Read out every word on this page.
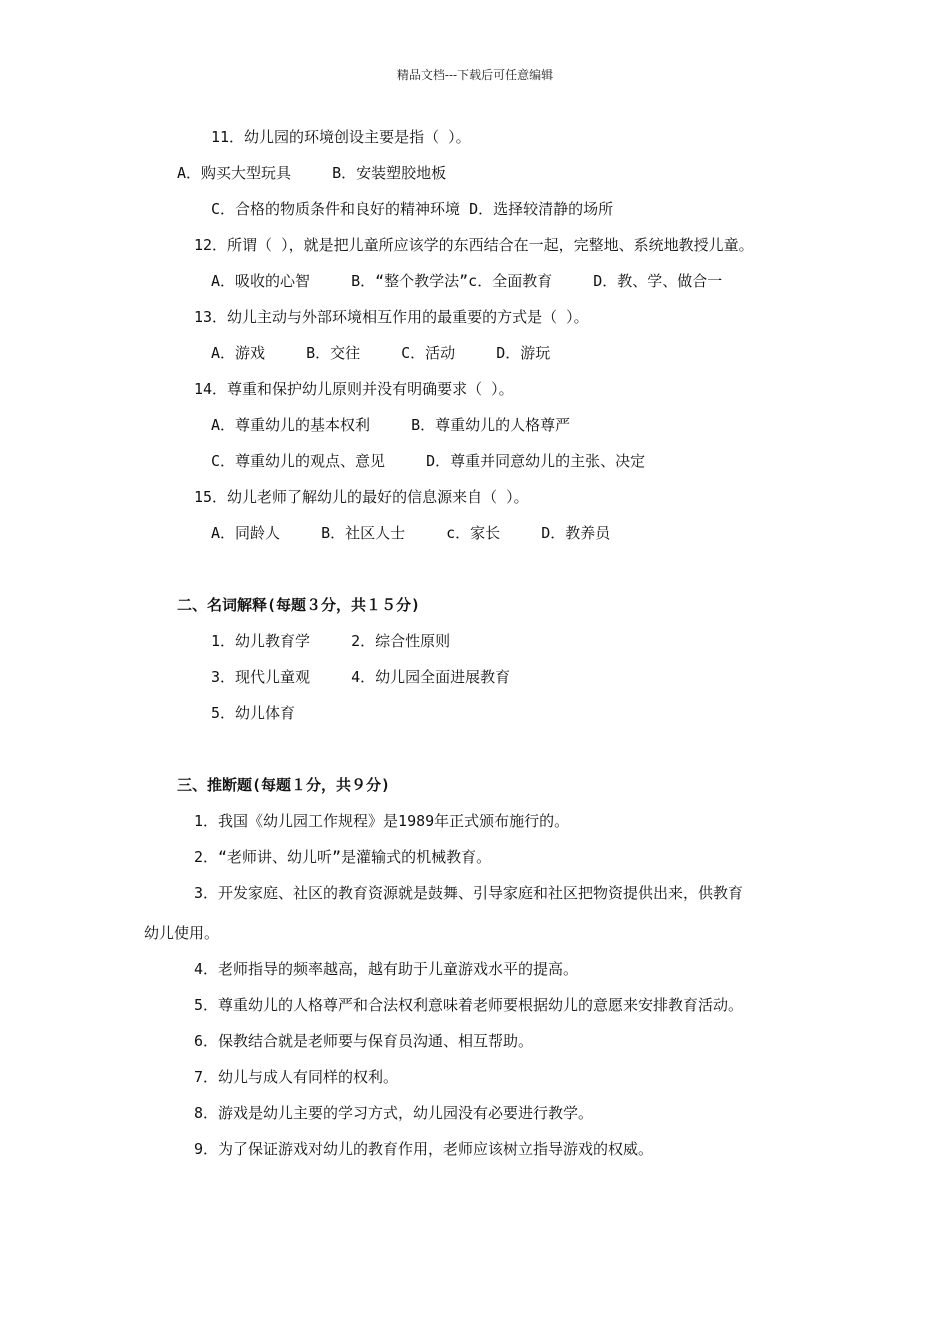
精品文档---下载后可任意编辑
11．幼儿园的环境创设主要是指（ ）。
A．购买大型玩具	B．安装塑胶地板
C．合格的物质条件和良好的精神环境 D．选择较清静的场所
12．所谓（ ），就是把儿童所应该学的东西结合在一起，完整地、系统地教授儿童。
A．吸收的心智	B．“整个教学法”c．全面教育	D．教、学、做合一
13．幼儿主动与外部环境相互作用的最重要的方式是（ ）。
A．游戏	B．交往	C．活动	D．游玩
14．尊重和保护幼儿原则并没有明确要求（ ）。
A．尊重幼儿的基本权利	B．尊重幼儿的人格尊严
C．尊重幼儿的观点、意见	D．尊重并同意幼儿的主张、决定
15．幼儿老师了解幼儿的最好的信息源来自（ ）。
A．同龄人	B．社区人士	c．家长	D．教养员
二、名词解释(每题３分，共１５分)
1．幼儿教育学	2．综合性原则
3．现代儿童观	4．幼儿园全面进展教育
5．幼儿体育
三、推断题(每题１分，共９分)
1．我国《幼儿园工作规程》是1989年正式颁布施行的。
2．“老师讲、幼儿听”是灌输式的机械教育。
3．开发家庭、社区的教育资源就是鼓舞、引导家庭和社区把物资提供出来，供教育
幼儿使用。
4．老师指导的频率越高，越有助于儿童游戏水平的提高。
5．尊重幼儿的人格尊严和合法权利意味着老师要根据幼儿的意愿来安排教育活动。
6．保教结合就是老师要与保育员沟通、相互帮助。
7．幼儿与成人有同样的权利。
8．游戏是幼儿主要的学习方式，幼儿园没有必要进行教学。
9．为了保证游戏对幼儿的教育作用，老师应该树立指导游戏的权威。
